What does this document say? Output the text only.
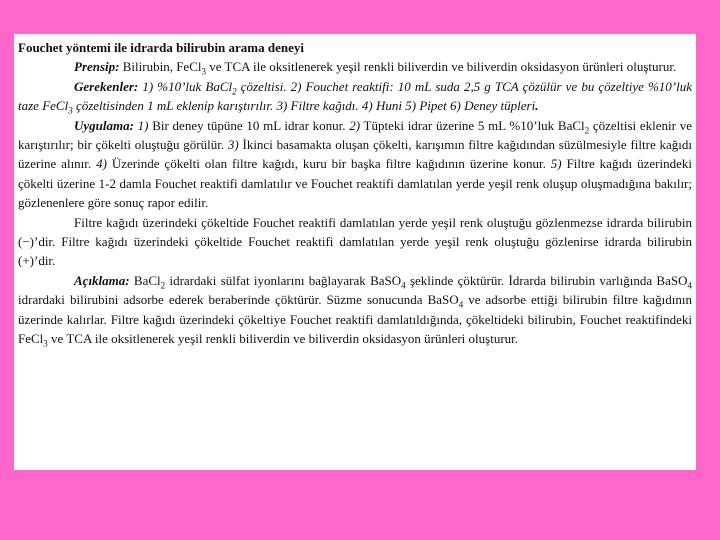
Fouchet yöntemi ile idrarda bilirubin arama deneyi

Prensip: Bilirubin, FeCl$_3$ ve TCA ile oksitlenerek yeşil renkli biliverdin ve biliverdin oksidasyon ürünleri oluşturur.

Gerekenler: 1) %10’luk BaCl$_2$ çözeltisi. 2) Fouchet reaktifi: 10 mL suda 2,5 g TCA çözülür ve bu çözeltiye %10’luk taze FeCl$_3$ çözeltisinden 1 mL eklenip karıştırılır. 3) Filtre kağıdı. 4) Huni 5) Pipet 6) Deney tüpleri.

Uygulama: 1) Bir deney tüpüne 10 mL idrar konur. 2) Tüpteki idrar üzerine 5 mL %10’luk BaCl$_2$ çözeltisi eklenir ve karıştırılır; bir çökelti oluştuğu görülür. 3) İkinci basamakta oluşan çökelti, karışımın filtre kağıdından süzülmesiyle filtre kağıdı üzerine alınır. 4) Üzerinde çökelti olan filtre kağıdı, kuru bir başka filtre kağıdının üzerine konur. 5) Filtre kağıdı üzerindeki çökelti üzerine 1-2 damla Fouchet reaktifi damlatılır ve Fouchet reaktifi damlatılan yerde yeşil renk oluşup oluşmadığına bakılır; gözlenenlere göre sonuç rapor edilir.

Filtre kağıdı üzerindeki çökeltide Fouchet reaktifi damlatılan yerde yeşil renk oluştuğu gözlenmezse idrarda bilirubin (−)’dir. Filtre kağıdı üzerindeki çökeltide Fouchet reaktifi damlatılan yerde yeşil renk oluştuğu gözlenirse idrarda bilirubin (+)’dir.

Açıklama: BaCl$_2$ idrardaki sülfat iyonlarını bağlayarak BaSO$_4$ şeklinde çöktürür. İdrarda bilirubin varlığında BaSO$_4$ idrardaki bilirubini adsorbe ederek beraberinde çöktürür. Süzme sonucunda BaSO$_4$ ve adsorbe ettiği bilirubin filtre kağıdının üzerinde kalırlar. Filtre kağıdı üzerindeki çökeltiye Fouchet reaktifi damlatıldığında, çökeltideki bilirubin, Fouchet reaktifindeki FeCl$_3$ ve TCA ile oksitlenerek yeşil renkli biliverdin ve biliverdin oksidasyon ürünleri oluşturur.
